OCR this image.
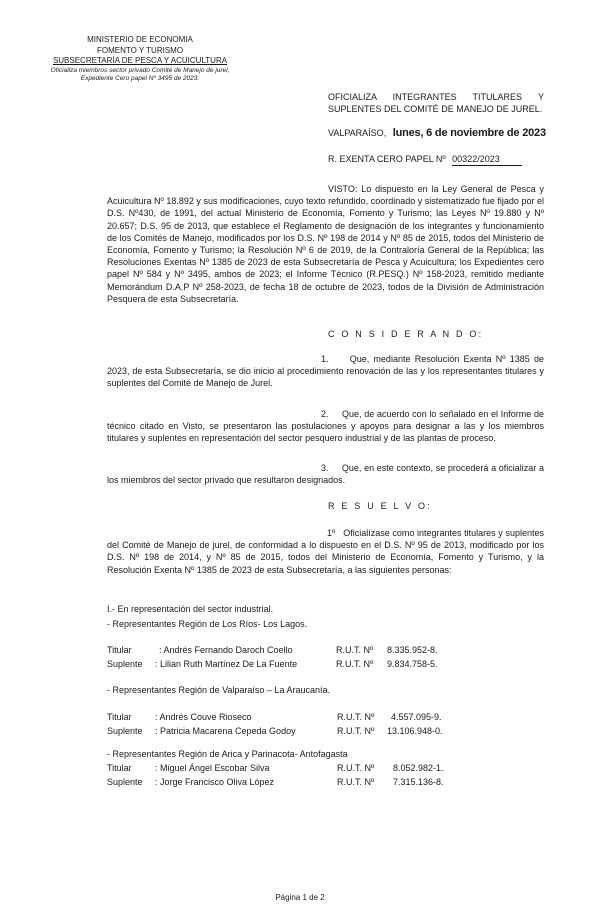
MINISTERIO DE ECONOMIA
FOMENTO Y TURISMO
SUBSECRETARÍA DE PESCA Y ACUICULTURA
Oficializa miembros sector privado Comité de Manejo de jurel,
Expediente Cero papel Nº 3495 de 2023.
OFICIALIZA INTEGRANTES TITULARES Y
SUPLENTES DEL COMITÉ DE MANEJO DE JUREL.
VALPARAÍSO, lunes, 6 de noviembre de 2023
R. EXENTA CERO PAPEL Nº 00322/2023

VISTO: Lo dispuesto en la Ley General de Pesca y Acuicultura Nº 18.892 y sus modificaciones, cuyo texto refundido, coordinado y sistematizado fue fijado por el D.S. Nº430, de 1991, del actual Ministerio de Economía, Fomento y Turismo; las Leyes Nº 19.880 y Nº 20.657; D.S. 95 de 2013, que establece el Reglamento de designación de los integrantes y funcionamiento de los Comités de Manejo, modificados por los D.S. Nº 198 de 2014 y Nº 85 de 2015, todos del Ministerio de Economía, Fomento y Turismo; la Resolución Nº 6 de 2019, de la Contraloría General de la República; las Resoluciones Exentas Nº 1385 de 2023 de esta Subsecretaría de Pesca y Acuicultura; los Expedientes cero papel Nº 584 y Nº 3495, ambos de 2023; el Informe Técnico (R.PESQ.) Nº 158-2023, remitido mediante Memorándum D.A.P Nº 258-2023, de fecha 18 de octubre de 2023, todos de la División de Administración Pesquera de esta Subsecretaría.

C O N S I D E R A N D O:

1. Que, mediante Resolución Exenta Nº 1385 de 2023, de esta Subsecretaría, se dio inicio al procedimiento renovación de las y los representantes titulares y suplentes del Comité de Manejo de Jurel.

2. Que, de acuerdo con lo señalado en el Informe de técnico citado en Visto, se presentaron las postulaciones y apoyos para designar a las y los miembros titulares y suplentes en representación del sector pesquero industrial y de las plantas de proceso.

3. Que, en este contexto, se procederá a oficializar a los miembros del sector privado que resultaron designados.

R E S U E L V O:

1º Oficialízase como integrantes titulares y suplentes del Comité de Manejo de jurel, de conformidad a lo dispuesto en el D.S. Nº 95 de 2013, modificado por los D.S. Nº 198 de 2014, y Nº 85 de 2015, todos del Ministerio de Economía, Fomento y Turismo, y la Resolución Exenta Nº 1385 de 2023 de esta Subsecretaría, a las siguientes personas:

I.- En representación del sector industrial.
- Representantes Región de Los Ríos- Los Lagos.
Titular	: Andrés Fernando Daroch Coello	R.U.T. Nº 8.335.952-8.
Suplente : Lilian Ruth Martínez De La Fuente	R.U.T. Nº 9.834.758-5.
- Representantes Región de Valparaíso – La Araucanía.
Titular	: Andrés Couve Rioseco	R.U.T. Nº 4.557.095-9.
Suplente : Patricia Macarena Cepeda Godoy	R.U.T. Nº 13.106.948-0.
- Representantes Región de Arica y Parinacota- Antofagasta
Titular	: Miguel Ángel Escobar Silva	R.U.T. Nº 8.052.982-1.
Suplente : Jorge Francisco Oliva López	R.U.T. Nº 7.315.136-8.
Página 1 de 2
